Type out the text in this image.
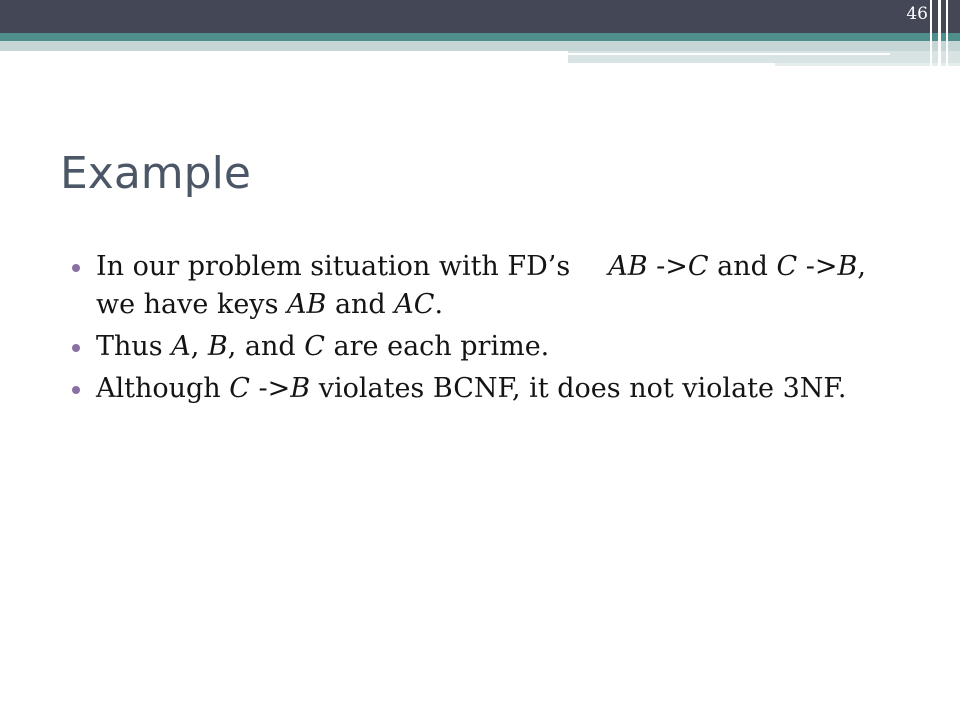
46
Example
In our problem situation with FD’s AB ->C and C ->B, we have keys AB and AC.
Thus A, B, and C are each prime.
Although C ->B violates BCNF, it does not violate 3NF.
